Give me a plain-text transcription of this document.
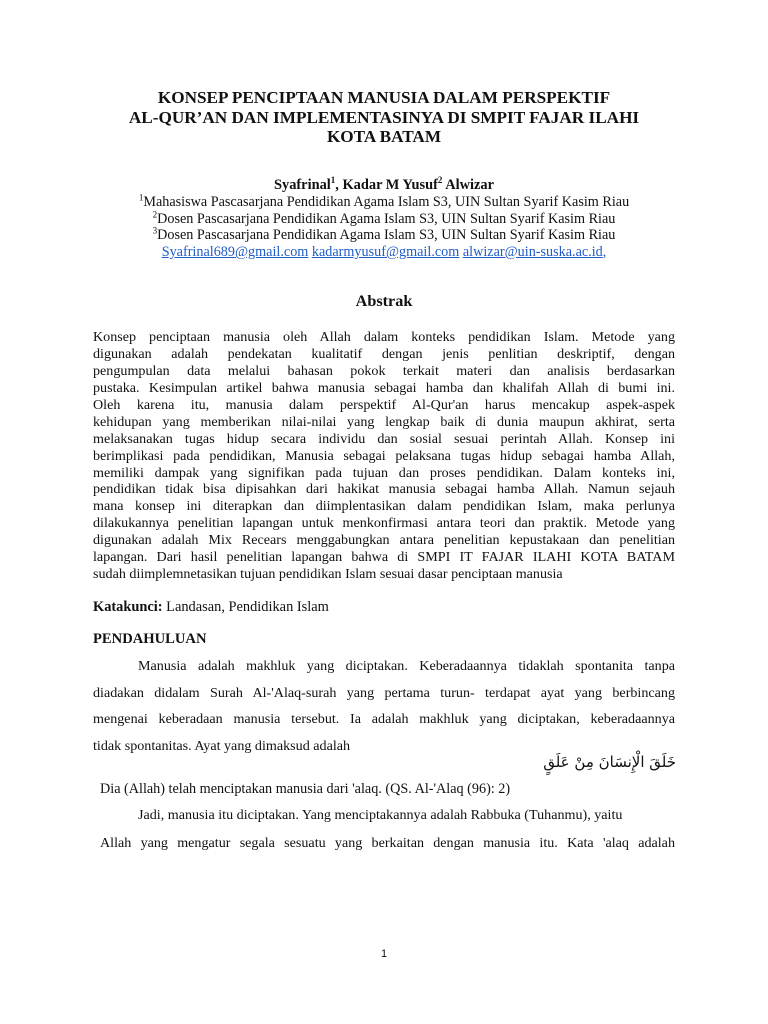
KONSEP PENCIPTAAN MANUSIA DALAM PERSPEKTIF
AL-QUR’AN DAN IMPLEMENTASINYA DI SMPIT FAJAR ILAHI
KOTA BATAM
Syafrinal$^1$, Kadar M Yusuf$^2$ Alwizar
$^1$Mahasiswa Pascasarjana Pendidikan Agama Islam S3, UIN Sultan Syarif Kasim Riau
$^2$Dosen Pascasarjana Pendidikan Agama Islam S3, UIN Sultan Syarif Kasim Riau
$^3$Dosen Pascasarjana Pendidikan Agama Islam S3, UIN Sultan Syarif Kasim Riau
Syafrinal689@gmail.com kadarmyusuf@gmail.com alwizar@uin-suska.ac.id,
Abstrak
Konsep penciptaan manusia oleh Allah dalam konteks pendidikan Islam. Metode yang
digunakan adalah pendekatan kualitatif dengan jenis penlitian deskriptif, dengan
pengumpulan data melalui bahasan pokok terkait materi dan analisis berdasarkan
pustaka. Kesimpulan artikel bahwa manusia sebagai hamba dan khalifah Allah di bumi ini.
Oleh karena itu, manusia dalam perspektif Al-Qur'an harus mencakup aspek-aspek
kehidupan yang memberikan nilai-nilai yang lengkap baik di dunia maupun akhirat, serta
melaksanakan tugas hidup secara individu dan sosial sesuai perintah Allah. Konsep ini
berimplikasi pada pendidikan, Manusia sebagai pelaksana tugas hidup sebagai hamba Allah,
memiliki dampak yang signifikan pada tujuan dan proses pendidikan. Dalam konteks ini,
pendidikan tidak bisa dipisahkan dari hakikat manusia sebagai hamba Allah. Namun sejauh
mana konsep ini diterapkan dan diimplentasikan dalam pendidikan Islam, maka perlunya
dilakukannya penelitian lapangan untuk menkonfirmasi antara teori dan praktik. Metode yang
digunakan adalah Mix Recears menggabungkan antara penelitian kepustakaan dan penelitian
lapangan. Dari hasil penelitian lapangan bahwa di SMPI IT FAJAR ILAHI KOTA BATAM
sudah diimplemnetasikan tujuan pendidikan Islam sesuai dasar penciptaan manusia
Katakunci: Landasan, Pendidikan Islam
PENDAHULUAN
Manusia adalah makhluk yang diciptakan. Keberadaannya tidaklah spontanita tanpa
diadakan didalam Surah Al-'Alaq-surah yang pertama turun- terdapat ayat yang berbincang
mengenai keberadaan manusia tersebut. Ia adalah makhluk yang diciptakan, keberadaannya
tidak spontanitas. Ayat yang dimaksud adalah
خَلَقَ الْإِنسَانَ مِنْ عَلَقٍ
Dia (Allah) telah menciptakan manusia dari 'alaq. (QS. Al-'Alaq (96): 2)
Jadi, manusia itu diciptakan. Yang menciptakannya adalah Rabbuka (Tuhanmu), yaitu
Allah yang mengatur segala sesuatu yang berkaitan dengan manusia itu. Kata 'alaq adalah
1
